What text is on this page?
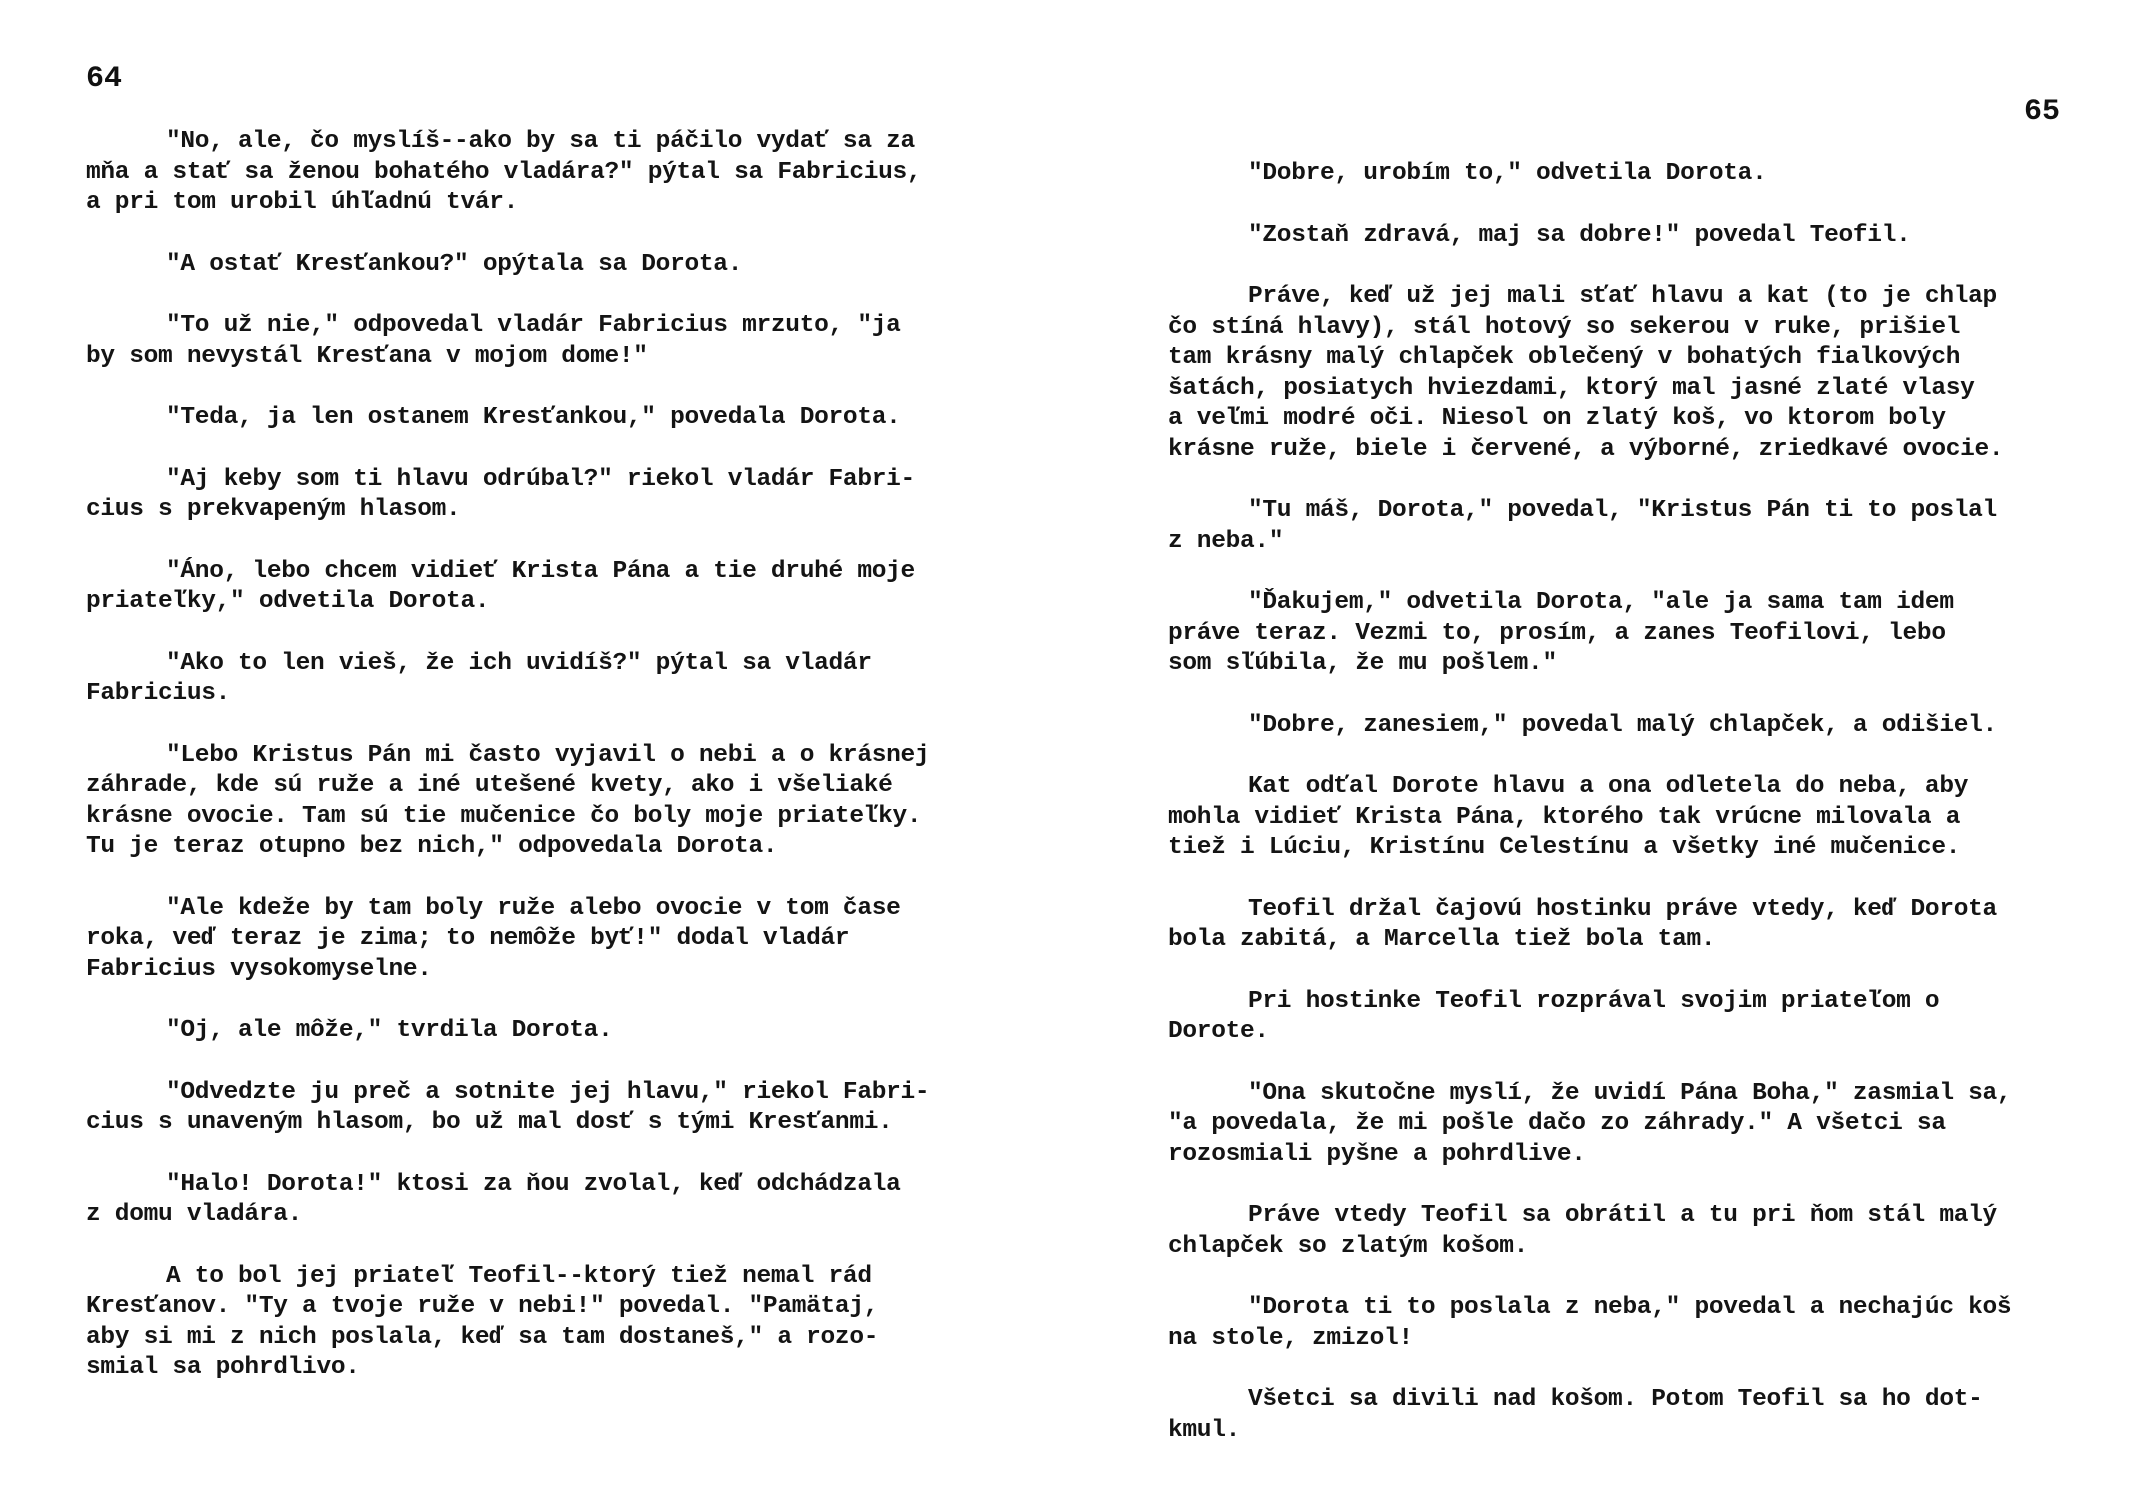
64

"No, ale, čo myslíš--ako by sa ti páčilo vydať sa za
mňa a stať sa ženou bohatého vladára?" pýtal sa Fabricius,
a pri tom urobil úhľadnú tvár.

"A ostať Kresťankou?" opýtala sa Dorota.

"To už nie," odpovedal vladár Fabricius mrzuto, "ja
by som nevystál Kresťana v mojom dome!"

"Teda, ja len ostanem Kresťankou," povedala Dorota.

"Aj keby som ti hlavu odrúbal?" riekol vladár Fabri-
cius s prekvapeným hlasom.

"Áno, lebo chcem vidieť Krista Pána a tie druhé moje
priateľky," odvetila Dorota.

"Ako to len vieš, že ich uvidíš?" pýtal sa vladár
Fabricius.

"Lebo Kristus Pán mi často vyjavil o nebi a o krásnej
záhrade, kde sú ruže a iné utešené kvety, ako i všeliaké
krásne ovocie. Tam sú tie mučenice čo boly moje priateľky.
Tu je teraz otupno bez nich," odpovedala Dorota.

"Ale kdeže by tam boly ruže alebo ovocie v tom čase
roka, veď teraz je zima; to nemôže byť!" dodal vladár
Fabricius vysokomyselne.

"Oj, ale môže," tvrdila Dorota.

"Odvedzte ju preč a sotnite jej hlavu," riekol Fabri-
cius s unaveným hlasom, bo už mal dosť s tými Kresťanmi.

"Halo! Dorota!" ktosi za ňou zvolal, keď odchádzala
z domu vladára.

A to bol jej priateľ Teofil--ktorý tiež nemal rád
Kresťanov. "Ty a tvoje ruže v nebi!" povedal. "Pamätaj,
aby si mi z nich poslala, keď sa tam dostaneš," a rozo-
smial sa pohrdlivo.

65

"Dobre, urobím to," odvetila Dorota.

"Zostaň zdravá, maj sa dobre!" povedal Teofil.

Práve, keď už jej mali sťať hlavu a kat (to je chlap
čo stíná hlavy), stál hotový so sekerou v ruke, prišiel
tam krásny malý chlapček oblečený v bohatých fialkových
šatách, posiatych hviezdami, ktorý mal jasné zlaté vlasy
a veľmi modré oči. Niesol on zlatý koš, vo ktorom boly
krásne ruže, biele i červené, a výborné, zriedkavé ovocie.

"Tu máš, Dorota," povedal, "Kristus Pán ti to poslal
z neba."

"Ďakujem," odvetila Dorota, "ale ja sama tam idem
práve teraz. Vezmi to, prosím, a zanes Teofilovi, lebo
som sľúbila, že mu pošlem."

"Dobre, zanesiem," povedal malý chlapček, a odišiel.

Kat odťal Dorote hlavu a ona odletela do neba, aby
mohla vidieť Krista Pána, ktorého tak vrúcne milovala a
tiež i Lúciu, Kristínu Celestínu a všetky iné mučenice.

Teofil držal čajovú hostinku práve vtedy, keď Dorota
bola zabitá, a Marcella tiež bola tam.

Pri hostinke Teofil rozprával svojim priateľom o
Dorote.

"Ona skutočne myslí, že uvidí Pána Boha," zasmial sa,
"a povedala, že mi pošle dačo zo záhrady." A všetci sa
rozosmiali pyšne a pohrdlive.

Práve vtedy Teofil sa obrátil a tu pri ňom stál malý
chlapček so zlatým košom.

"Dorota ti to poslala z neba," povedal a nechajúc koš
na stole, zmizol!

Všetci sa divili nad košom. Potom Teofil sa ho dot-
kmul.
